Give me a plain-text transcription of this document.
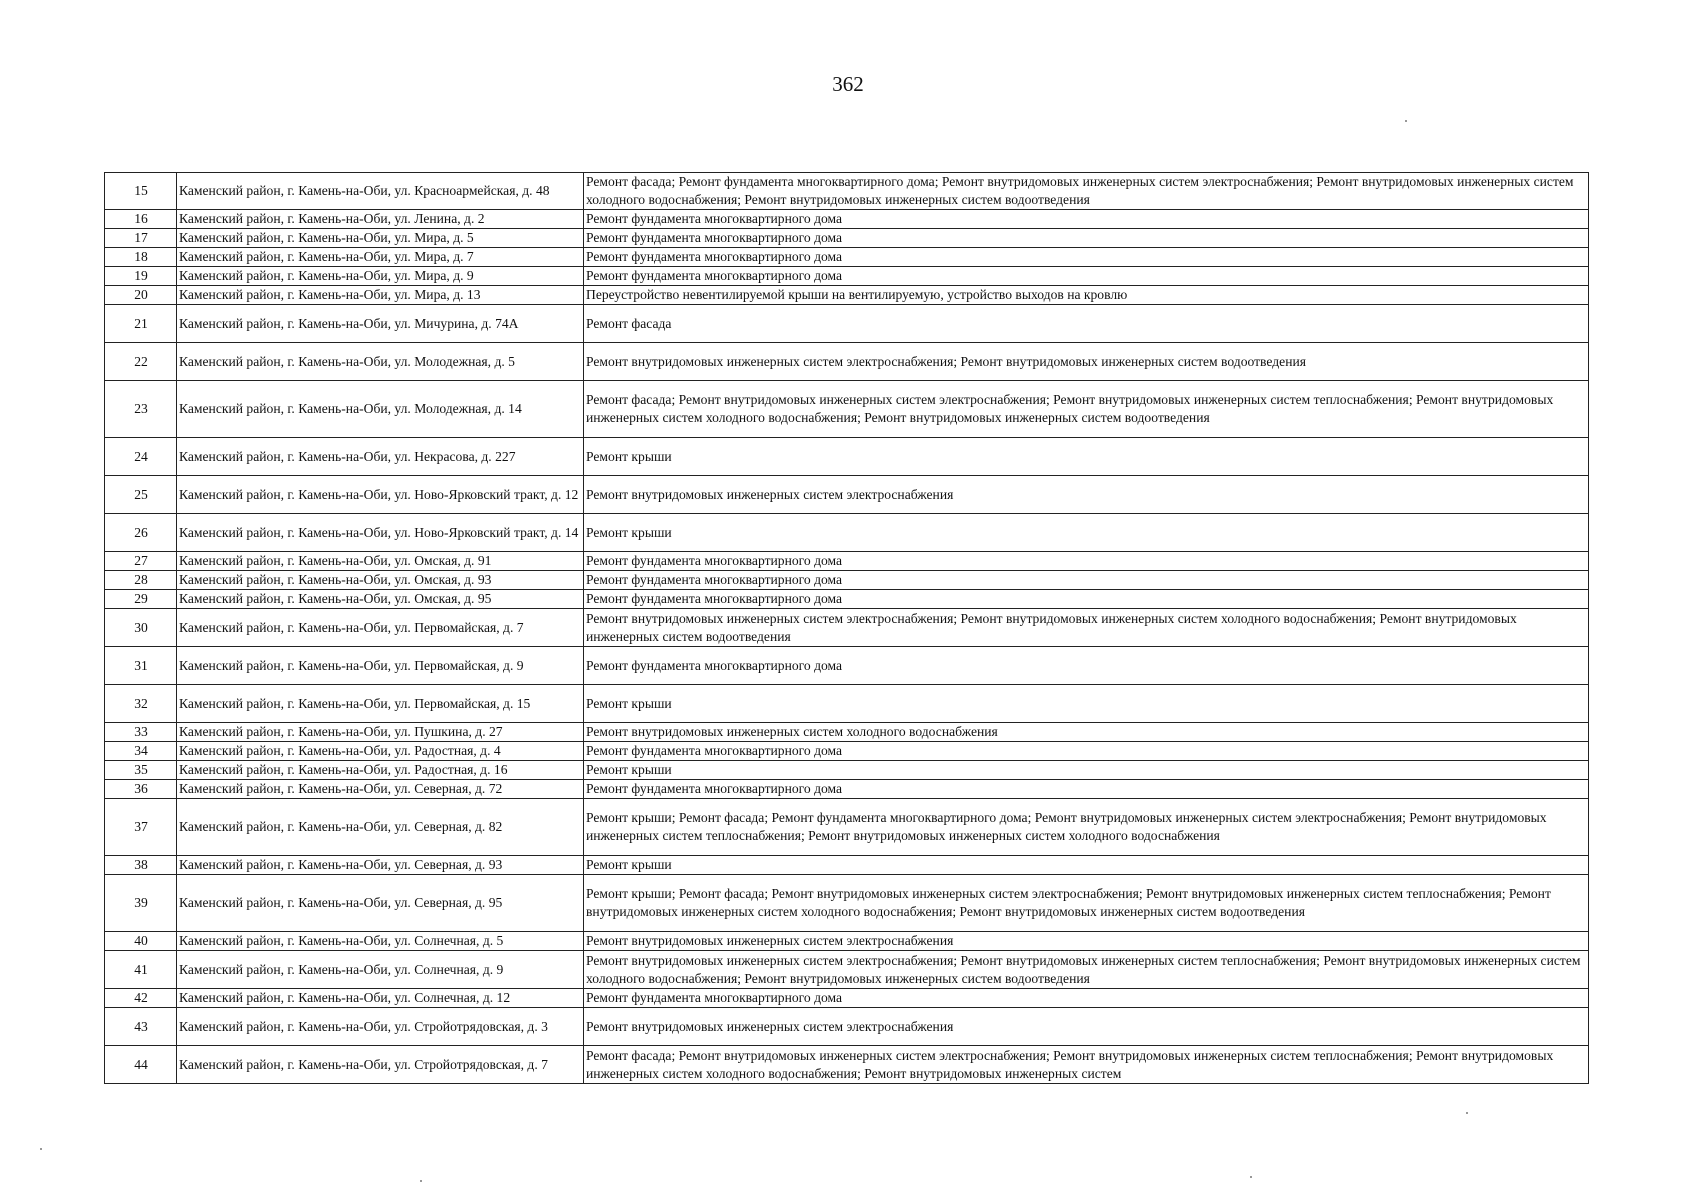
362
15	Каменский район, г. Камень-на-Оби, ул. Красноармейская, д. 48	Ремонт фасада; Ремонт фундамента многоквартирного дома; Ремонт внутридомовых инженерных систем электроснабжения; Ремонт внутридомовых инженерных систем холодного водоснабжения; Ремонт внутридомовых инженерных систем водоотведения
16	Каменский район, г. Камень-на-Оби, ул. Ленина, д. 2	Ремонт фундамента многоквартирного дома
17	Каменский район, г. Камень-на-Оби, ул. Мира, д. 5	Ремонт фундамента многоквартирного дома
18	Каменский район, г. Камень-на-Оби, ул. Мира, д. 7	Ремонт фундамента многоквартирного дома
19	Каменский район, г. Камень-на-Оби, ул. Мира, д. 9	Ремонт фундамента многоквартирного дома
20	Каменский район, г. Камень-на-Оби, ул. Мира, д. 13	Переустройство невентилируемой крыши на вентилируемую, устройство выходов на кровлю
21	Каменский район, г. Камень-на-Оби, ул. Мичурина, д. 74А	Ремонт фасада
22	Каменский район, г. Камень-на-Оби, ул. Молодежная, д. 5	Ремонт внутридомовых инженерных систем электроснабжения; Ремонт внутридомовых инженерных систем водоотведения
23	Каменский район, г. Камень-на-Оби, ул. Молодежная, д. 14	Ремонт фасада; Ремонт внутридомовых инженерных систем электроснабжения; Ремонт внутридомовых инженерных систем теплоснабжения; Ремонт внутридомовых инженерных систем холодного водоснабжения; Ремонт внутридомовых инженерных систем водоотведения
24	Каменский район, г. Камень-на-Оби, ул. Некрасова, д. 227	Ремонт крыши
25	Каменский район, г. Камень-на-Оби, ул. Ново-Ярковский тракт, д. 12	Ремонт внутридомовых инженерных систем электроснабжения
26	Каменский район, г. Камень-на-Оби, ул. Ново-Ярковский тракт, д. 14	Ремонт крыши
27	Каменский район, г. Камень-на-Оби, ул. Омская, д. 91	Ремонт фундамента многоквартирного дома
28	Каменский район, г. Камень-на-Оби, ул. Омская, д. 93	Ремонт фундамента многоквартирного дома
29	Каменский район, г. Камень-на-Оби, ул. Омская, д. 95	Ремонт фундамента многоквартирного дома
30	Каменский район, г. Камень-на-Оби, ул. Первомайская, д. 7	Ремонт внутридомовых инженерных систем электроснабжения; Ремонт внутридомовых инженерных систем холодного водоснабжения; Ремонт внутридомовых инженерных систем водоотведения
31	Каменский район, г. Камень-на-Оби, ул. Первомайская, д. 9	Ремонт фундамента многоквартирного дома
32	Каменский район, г. Камень-на-Оби, ул. Первомайская, д. 15	Ремонт крыши
33	Каменский район, г. Камень-на-Оби, ул. Пушкина, д. 27	Ремонт внутридомовых инженерных систем холодного водоснабжения
34	Каменский район, г. Камень-на-Оби, ул. Радостная, д. 4	Ремонт фундамента многоквартирного дома
35	Каменский район, г. Камень-на-Оби, ул. Радостная, д. 16	Ремонт крыши
36	Каменский район, г. Камень-на-Оби, ул. Северная, д. 72	Ремонт фундамента многоквартирного дома
37	Каменский район, г. Камень-на-Оби, ул. Северная, д. 82	Ремонт крыши; Ремонт фасада; Ремонт фундамента многоквартирного дома; Ремонт внутридомовых инженерных систем электроснабжения; Ремонт внутридомовых инженерных систем теплоснабжения; Ремонт внутридомовых инженерных систем холодного водоснабжения
38	Каменский район, г. Камень-на-Оби, ул. Северная, д. 93	Ремонт крыши
39	Каменский район, г. Камень-на-Оби, ул. Северная, д. 95	Ремонт крыши; Ремонт фасада; Ремонт внутридомовых инженерных систем электроснабжения; Ремонт внутридомовых инженерных систем теплоснабжения; Ремонт внутридомовых инженерных систем холодного водоснабжения; Ремонт внутридомовых инженерных систем водоотведения
40	Каменский район, г. Камень-на-Оби, ул. Солнечная, д. 5	Ремонт внутридомовых инженерных систем электроснабжения
41	Каменский район, г. Камень-на-Оби, ул. Солнечная, д. 9	Ремонт внутридомовых инженерных систем электроснабжения; Ремонт внутридомовых инженерных систем теплоснабжения; Ремонт внутридомовых инженерных систем холодного водоснабжения; Ремонт внутридомовых инженерных систем водоотведения
42	Каменский район, г. Камень-на-Оби, ул. Солнечная, д. 12	Ремонт фундамента многоквартирного дома
43	Каменский район, г. Камень-на-Оби, ул. Стройотрядовская, д. 3	Ремонт внутридомовых инженерных систем электроснабжения
44	Каменский район, г. Камень-на-Оби, ул. Стройотрядовская, д. 7	Ремонт фасада; Ремонт внутридомовых инженерных систем электроснабжения; Ремонт внутридомовых инженерных систем теплоснабжения; Ремонт внутридомовых инженерных систем холодного водоснабжения; Ремонт внутридомовых инженерных систем
